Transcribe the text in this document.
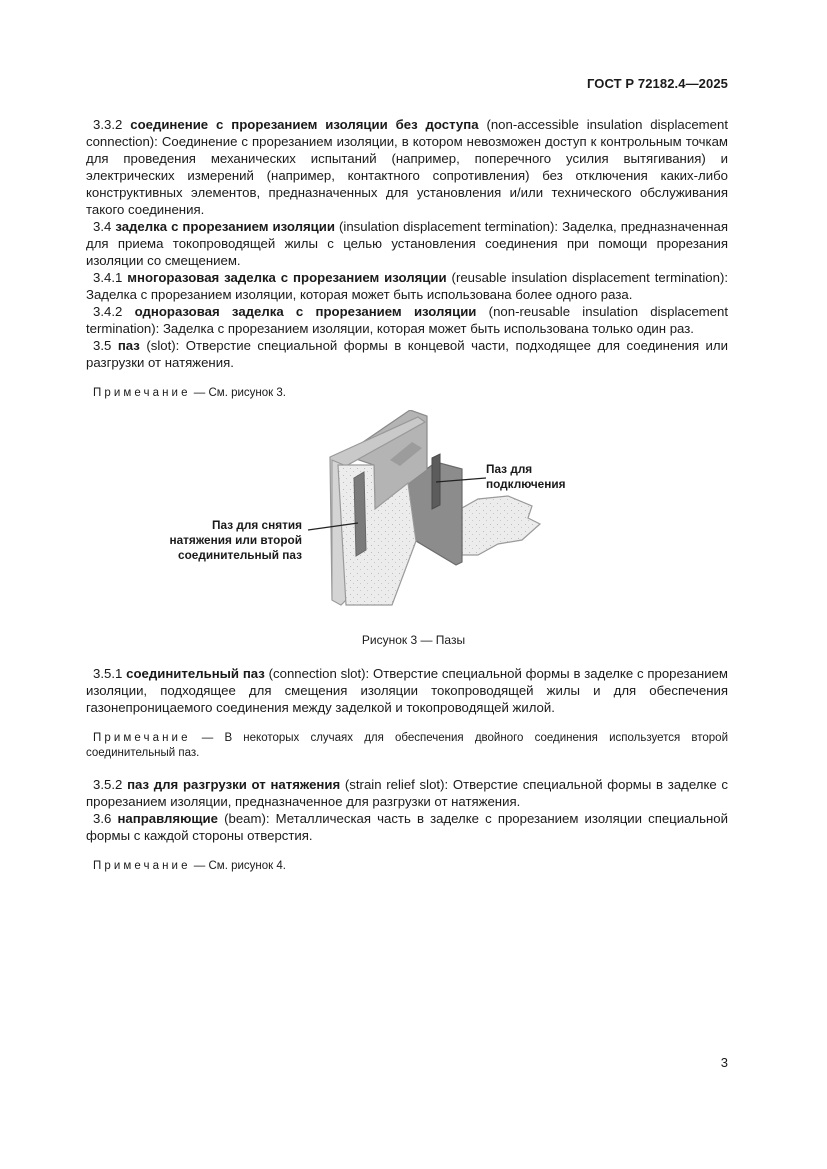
ГОСТ Р 72182.4—2025

3.3.2 соединение с прорезанием изоляции без доступа (non-accessible insulation displacement connection): Соединение с прорезанием изоляции, в котором невозможен доступ к контрольным точкам для проведения механических испытаний (например, поперечного усилия вытягивания) и электрических измерений (например, контактного сопротивления) без отключения каких-либо конструктивных элементов, предназначенных для установления и/или технического обслуживания такого соединения.

3.4 заделка с прорезанием изоляции (insulation displacement termination): Заделка, предназначенная для приема токопроводящей жилы с целью установления соединения при помощи прорезания изоляции со смещением.

3.4.1 многоразовая заделка с прорезанием изоляции (reusable insulation displacement termination): Заделка с прорезанием изоляции, которая может быть использована более одного раза.

3.4.2 одноразовая заделка с прорезанием изоляции (non-reusable insulation displacement termination): Заделка с прорезанием изоляции, которая может быть использована только один раз.

3.5 паз (slot): Отверстие специальной формы в концевой части, подходящее для соединения или разгрузки от натяжения.

Примечание — См. рисунок 3.

Паз для
подключения
Паз для снятия
натяжения или второй
соединительный паз
Рисунок 3 — Пазы

3.5.1 соединительный паз (connection slot): Отверстие специальной формы в заделке с прорезанием изоляции, подходящее для смещения изоляции токопроводящей жилы и для обеспечения газонепроницаемого соединения между заделкой и токопроводящей жилой.

Примечание — В некоторых случаях для обеспечения двойного соединения используется второй соединительный паз.

3.5.2 паз для разгрузки от натяжения (strain relief slot): Отверстие специальной формы в заделке с прорезанием изоляции, предназначенное для разгрузки от натяжения.

3.6 направляющие (beam): Металлическая часть в заделке с прорезанием изоляции специальной формы с каждой стороны отверстия.

Примечание — См. рисунок 4.

3
